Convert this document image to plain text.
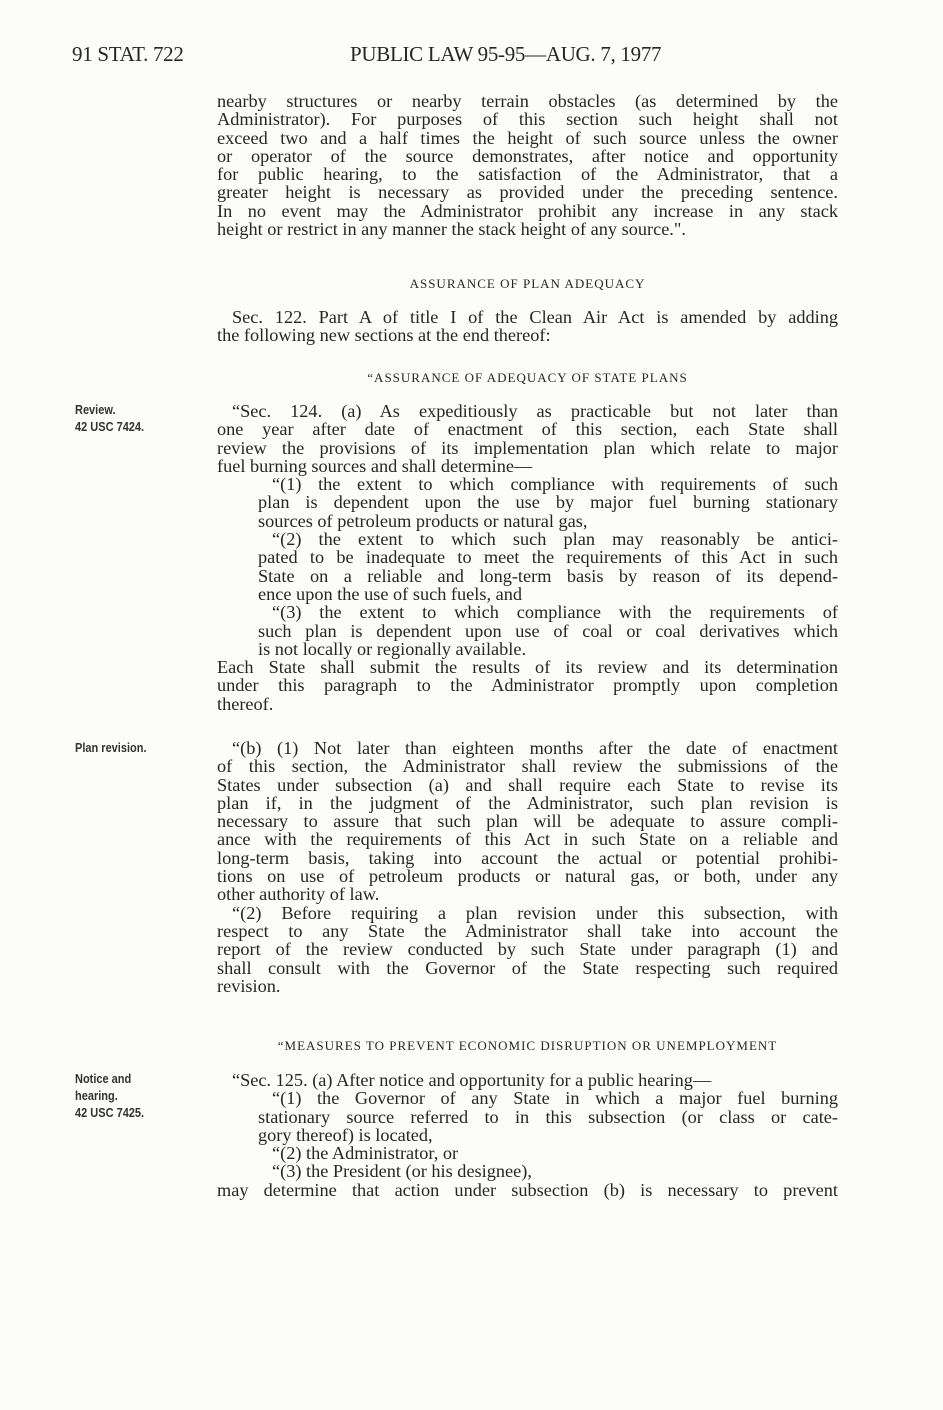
91 STAT. 722	PUBLIC LAW 95-95—AUG. 7, 1977
nearby structures or nearby terrain obstacles (as determined by the
Administrator). For purposes of this section such height shall not
exceed two and a half times the height of such source unless the owner
or operator of the source demonstrates, after notice and opportunity
for public hearing, to the satisfaction of the Administrator, that a
greater height is necessary as provided under the preceding sentence.
In no event may the Administrator prohibit any increase in any stack
height or restrict in any manner the stack height of any source.".
ASSURANCE OF PLAN ADEQUACY
Sec. 122. Part A of title I of the Clean Air Act is amended by adding
the following new sections at the end thereof:
“ASSURANCE OF ADEQUACY OF STATE PLANS
Review.
42 USC 7424.
“Sec. 124. (a) As expeditiously as practicable but not later than
one year after date of enactment of this section, each State shall
review the provisions of its implementation plan which relate to major
fuel burning sources and shall determine—
“(1) the extent to which compliance with requirements of such
plan is dependent upon the use by major fuel burning stationary
sources of petroleum products or natural gas,
“(2) the extent to which such plan may reasonably be antici-
pated to be inadequate to meet the requirements of this Act in such
State on a reliable and long-term basis by reason of its depend-
ence upon the use of such fuels, and
“(3) the extent to which compliance with the requirements of
such plan is dependent upon use of coal or coal derivatives which
is not locally or regionally available.
Each State shall submit the results of its review and its determination
under this paragraph to the Administrator promptly upon completion
thereof.
Plan revision.	“(b) (1) Not later than eighteen months after the date of enactment
of this section, the Administrator shall review the submissions of the
States under subsection (a) and shall require each State to revise its
plan if, in the judgment of the Administrator, such plan revision is
necessary to assure that such plan will be adequate to assure compli-
ance with the requirements of this Act in such State on a reliable and
long-term basis, taking into account the actual or potential prohibi-
tions on use of petroleum products or natural gas, or both, under any
other authority of law.
“(2) Before requiring a plan revision under this subsection, with
respect to any State the Administrator shall take into account the
report of the review conducted by such State under paragraph (1) and
shall consult with the Governor of the State respecting such required
revision.
“MEASURES TO PREVENT ECONOMIC DISRUPTION OR UNEMPLOYMENT
Notice and
hearing.
42 USC 7425.
“Sec. 125. (a) After notice and opportunity for a public hearing—
“(1) the Governor of any State in which a major fuel burning
stationary source referred to in this subsection (or class or cate-
gory thereof) is located,
“(2) the Administrator, or
“(3) the President (or his designee),
may determine that action under subsection (b) is necessary to prevent
